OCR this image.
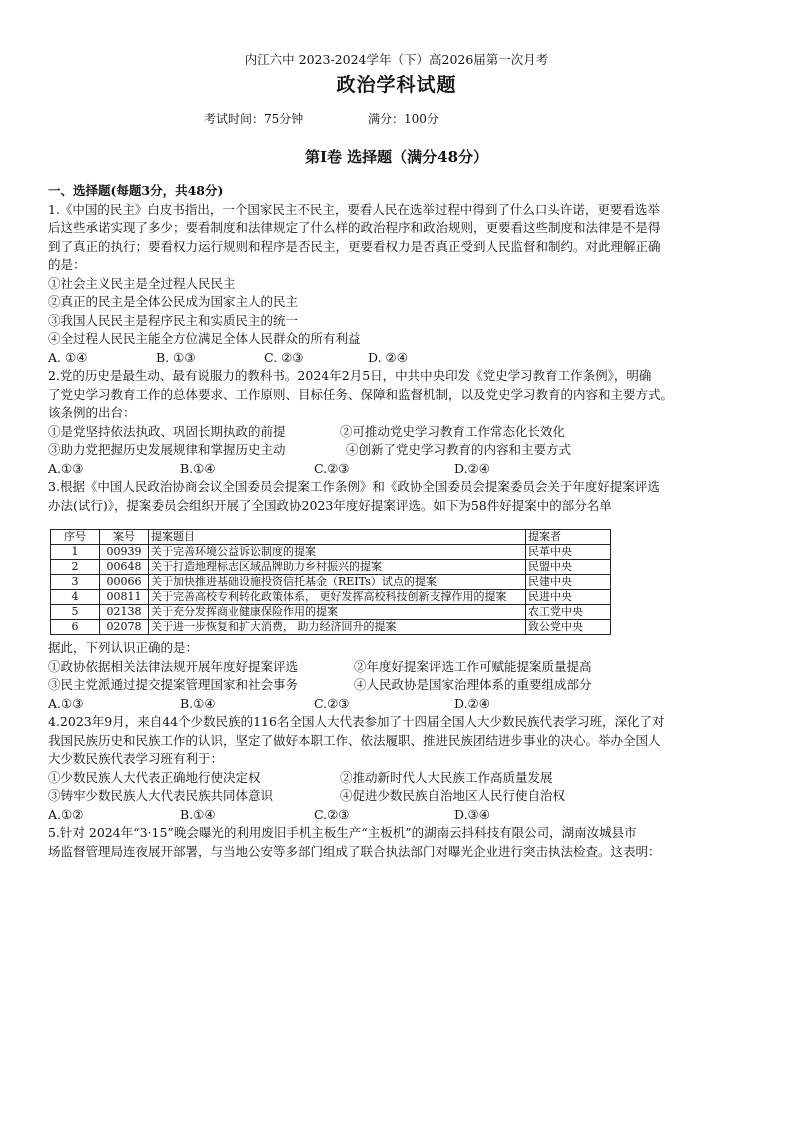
内江六中 2023-2024学年（下）高2026届第一次月考
政治学科试题
考试时间：75分钟	满分：100分
第Ⅰ卷 选择题（满分48分）
一、选择题(每题3分，共48分)
1.《中国的民主》白皮书指出，一个国家民主不民主，要看人民在选举过程中得到了什么口头许诺，更要看选举
后这些承诺实现了多少；要看制度和法律规定了什么样的政治程序和政治规则，更要看这些制度和法律是不是得
到了真正的执行；要看权力运行规则和程序是否民主，更要看权力是否真正受到人民监督和制约。对此理解正确
的是：
①社会主义民主是全过程人民民主
②真正的民主是全体公民成为国家主人的民主
③我国人民民主是程序民主和实质民主的统一
④全过程人民民主能全方位满足全体人民群众的所有利益
A. ①④	B. ①③	C. ②③	D. ②④
2.党的历史是最生动、最有说服力的教科书。2024年2月5日，中共中央印发《党史学习教育工作条例》，明确
了党史学习教育工作的总体要求、工作原则、目标任务、保障和监督机制，以及党史学习教育的内容和主要方式。
该条例的出台：
①是党坚持依法执政、巩固长期执政的前提	②可推动党史学习教育工作常态化长效化
③助力党把握历史发展规律和掌握历史主动	④创新了党史学习教育的内容和主要方式
A.①③	B.①④	C.②③	D.②④
3.根据《中国人民政治协商会议全国委员会提案工作条例》和《政协全国委员会提案委员会关于年度好提案评选
办法(试行)》，提案委员会组织开展了全国政协2023年度好提案评选。如下为58件好提案中的部分名单
序号	案号	提案题目	提案者
1	00939	关于完善环境公益诉讼制度的提案	民革中央
2	00648	关于打造地理标志区域品牌助力乡村振兴的提案	民盟中央
3	00066	关于加快推进基础设施投资信托基金（REITs）试点的提案	民建中央
4	00811	关于完善高校专利转化政策体系， 更好发挥高校科技创新支撑作用的提案	民进中央
5	02138	关于充分发挥商业健康保险作用的提案	农工党中央
6	02078	关于进一步恢复和扩大消费， 助力经济回升的提案	致公党中央
据此，下列认识正确的是：
①政协依据相关法律法规开展年度好提案评选	②年度好提案评选工作可赋能提案质量提高
③民主党派通过提交提案管理国家和社会事务	④人民政协是国家治理体系的重要组成部分
A.①③	B.①④	C.②③	D.②④
4.2023年9月，来自44个少数民族的116名全国人大代表参加了十四届全国人大少数民族代表学习班，深化了对
我国民族历史和民族工作的认识，坚定了做好本职工作、依法履职、推进民族团结进步事业的决心。举办全国人
大少数民族代表学习班有利于：
①少数民族人大代表正确地行使决定权	②推动新时代人大民族工作高质量发展
③铸牢少数民族人大代表民族共同体意识	④促进少数民族自治地区人民行使自治权
A.①②	B.①④	C.②③	D.③④
5.针对 2024年“3·15”晚会曝光的利用废旧手机主板生产“主板机”的湖南云抖科技有限公司，湖南汝城县市
场监督管理局连夜展开部署，与当地公安等多部门组成了联合执法部门对曝光企业进行突击执法检查。这表明：
